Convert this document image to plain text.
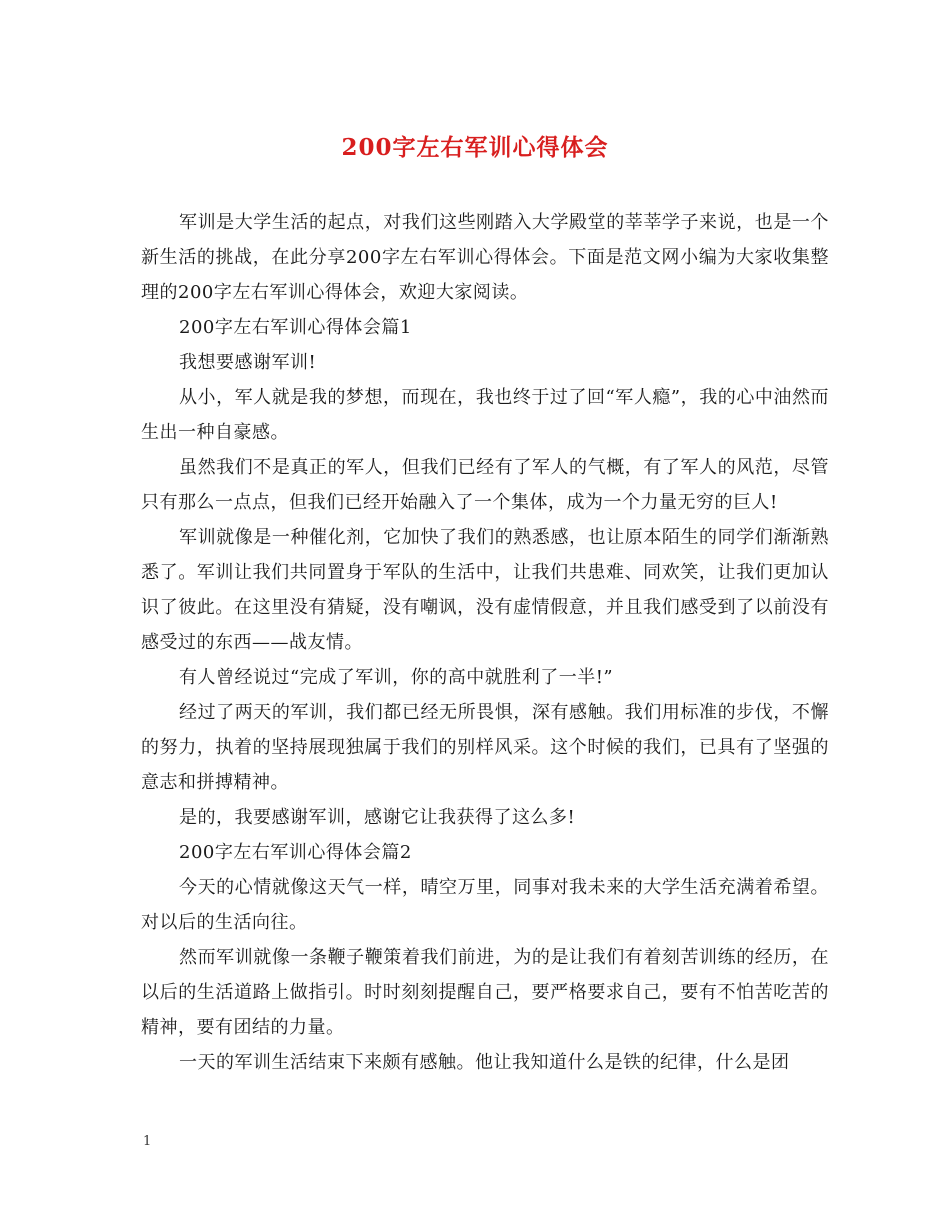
200字左右军训心得体会

军训是大学生活的起点，对我们这些刚踏入大学殿堂的莘莘学子来说，也是一个新生活的挑战，在此分享200字左右军训心得体会。下面是范文网小编为大家收集整理的200字左右军训心得体会，欢迎大家阅读。

200字左右军训心得体会篇1

我想要感谢军训!

从小，军人就是我的梦想，而现在，我也终于过了回“军人瘾”，我的心中油然而生出一种自豪感。

虽然我们不是真正的军人，但我们已经有了军人的气概，有了军人的风范，尽管只有那么一点点，但我们已经开始融入了一个集体，成为一个力量无穷的巨人!

军训就像是一种催化剂，它加快了我们的熟悉感，也让原本陌生的同学们渐渐熟悉了。军训让我们共同置身于军队的生活中，让我们共患难、同欢笑，让我们更加认识了彼此。在这里没有猜疑，没有嘲讽，没有虚情假意，并且我们感受到了以前没有感受过的东西——战友情。

有人曾经说过“完成了军训，你的高中就胜利了一半!”

经过了两天的军训，我们都已经无所畏惧，深有感触。我们用标准的步伐，不懈的努力，执着的坚持展现独属于我们的别样风采。这个时候的我们，已具有了坚强的意志和拼搏精神。

是的，我要感谢军训，感谢它让我获得了这么多!

200字左右军训心得体会篇2

今天的心情就像这天气一样，晴空万里，同事对我未来的大学生活充满着希望。对以后的生活向往。

然而军训就像一条鞭子鞭策着我们前进，为的是让我们有着刻苦训练的经历，在以后的生活道路上做指引。时时刻刻提醒自己，要严格要求自己，要有不怕苦吃苦的精神，要有团结的力量。

一天的军训生活结束下来颇有感触。他让我知道什么是铁的纪律，什么是团

1
